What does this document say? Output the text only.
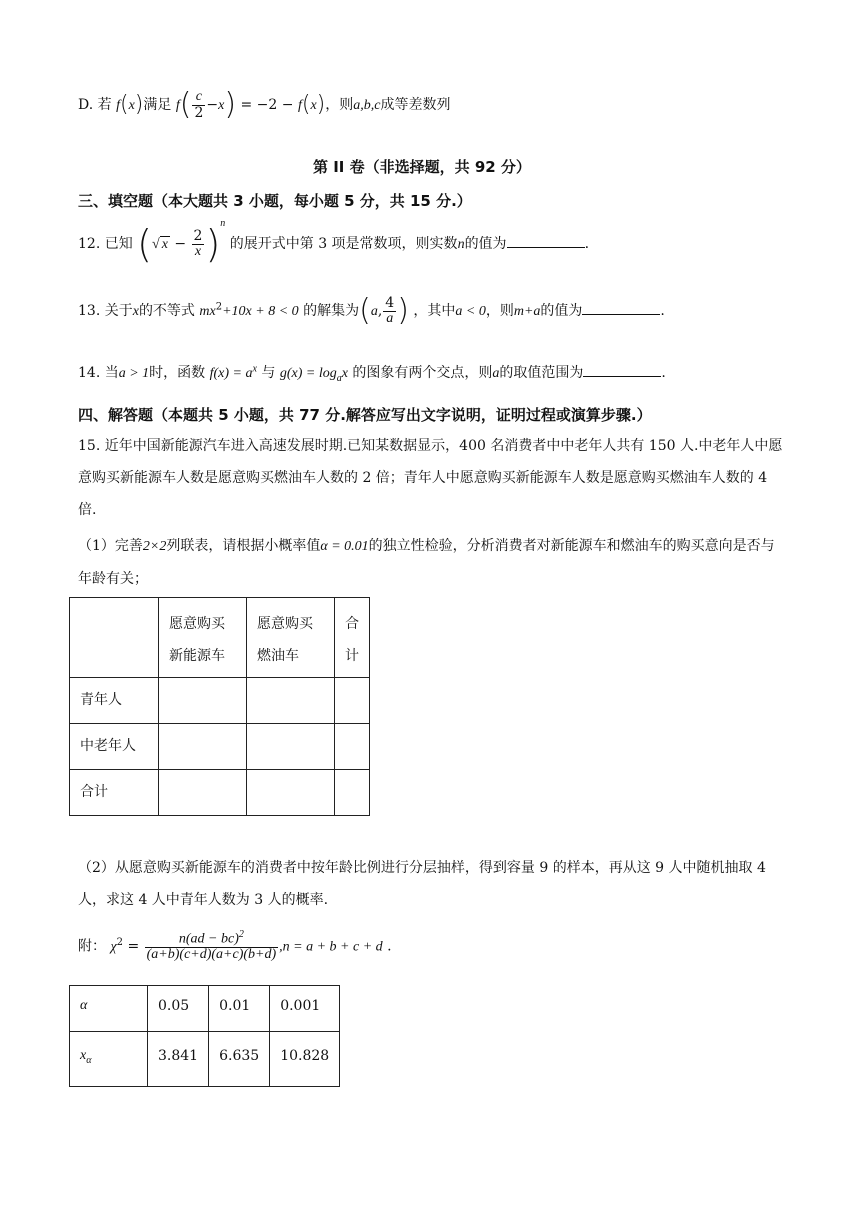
D. 若 f(x)满足 $f( \frac{c}{2} -x) = -2 - f(x)$，则a,b,c成等差数列
第 II 卷（非选择题，共 92 分）
三、填空题（本大题共 3 小题，每小题 5 分，共 15 分.）
12. 已知 (√ $x - \frac{2}{x} )^n$ 的展开式中第 3 项是常数项，则实数n的值为	.
13. 关于x的不等式 $mx^2+10x + 8 < 0$ 的解集为(a, $\frac{4}{a}$ ) ，其中a < 0，则m+a的值为	.
14. 当a > 1时，函数 $f(x) = a^x$ 与 $g(x) = \log_ax$ 的图象有两个交点，则a的取值范围为	.
四、解答题（本题共 5 小题，共 77 分.解答应写出文字说明，证明过程或演算步骤.）
15. 近年中国新能源汽车进入高速发展时期.已知某数据显示，400 名消费者中中老年人共有 150 人.中老年人中愿意购买新能源车人数是愿意购买燃油车人数的 2 倍；青年人中愿意购买新能源车人数是愿意购买燃油车人数的 4 倍.
（1）完善2×2列联表，请根据小概率值α = 0.01的独立性检验，分析消费者对新能源车和燃油车的购买意向是否与年龄有关；
	愿意购买新能源车	愿意购买燃油车	合计
青年人			
中老年人			
合计			
（2）从愿意购买新能源车的消费者中按年龄比例进行分层抽样，得到容量 9 的样本，再从这 9 人中随机抽取 4 人，求这 4 人中青年人数为 3 人的概率.
附： $\chi^2 = \frac{n(ad - bc)^2}{(a+b)(c+d)(a+c)(b+d)} ,n = a + b + c + d$ .
α	0.05	0.01	0.001
$x_\alpha$	3.841	6.635	10.828
